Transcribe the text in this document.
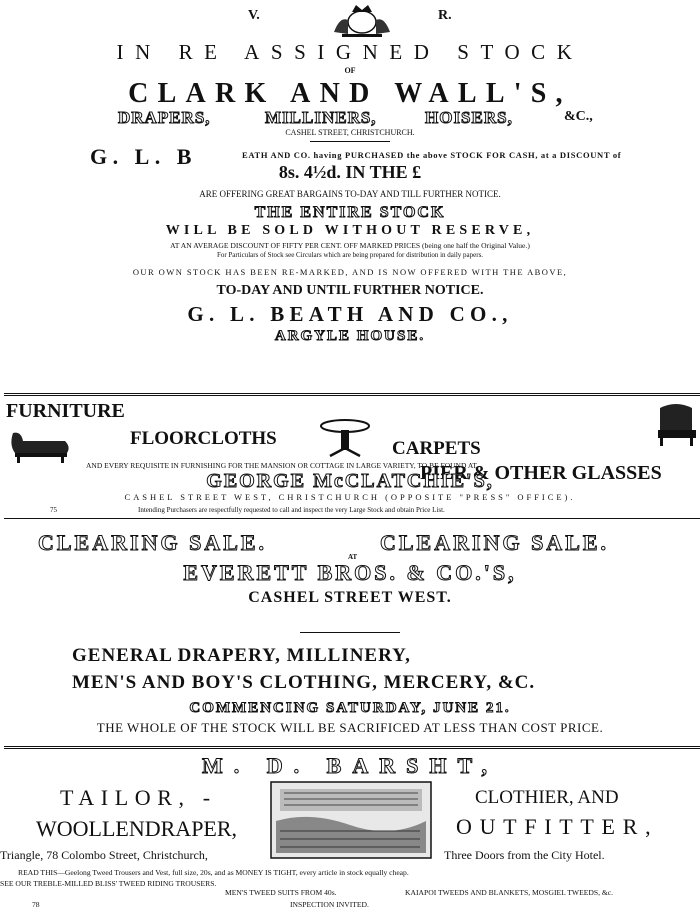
V.	R.
IN RE ASSIGNED STOCK
OF
CLARK AND WALL'S,
DRAPERS,	MILLINERS,	HOISERS,	&C.,
CASHEL STREET, CHRISTCHURCH.
G. L. B	EATH AND CO. having PURCHASED the above STOCK FOR CASH, at a DISCOUNT of
8s. 4½d. IN THE £
ARE OFFERING GREAT BARGAINS TO-DAY AND TILL FURTHER NOTICE.
THE ENTIRE STOCK
WILL BE SOLD WITHOUT RESERVE,
AT AN AVERAGE DISCOUNT OF FIFTY PER CENT. OFF MARKED PRICES (being one half the Original Value.)
For Particulars of Stock see Circulars which are being prepared for distribution in daily papers.
OUR OWN STOCK HAS BEEN RE-MARKED, AND IS NOW OFFERED WITH THE ABOVE,
TO-DAY AND UNTIL FURTHER NOTICE.
G. L. BEATH AND CO.,
ARGYLE HOUSE.
FURNITURE
FLOORCLOTHS	CARPETS
PIER & OTHER GLASSES
AND EVERY REQUISITE IN FURNISHING FOR THE MANSION OR COTTAGE IN LARGE VARIETY, TO BE FOUND AT
GEORGE McCLATCHIE'S,
CASHEL STREET WEST, CHRISTCHURCH (OPPOSITE "PRESS" OFFICE).
75	Intending Purchasers are respectfully requested to call and inspect the very Large Stock and obtain Price List.
CLEARING SALE.
AT
CLEARING SALE.
EVERETT BROS. & CO.'S,
CASHEL STREET WEST.
GENERAL DRAPERY, MILLINERY,
MEN'S AND BOY'S CLOTHING, MERCERY, &C.
COMMENCING SATURDAY, JUNE 21.
THE WHOLE OF THE STOCK WILL BE SACRIFICED AT LESS THAN COST PRICE.
M. D. BARSHT,
TAILOR, -	CLOTHIER, AND
WOOLLENDRAPER,	OUTFITTER,
Triangle, 78 Colombo Street, Christchurch,	Three Doors from the City Hotel.
READ THIS—Geelong Tweed Trousers and Vest, full size, 20s, and as MONEY IS TIGHT, every article in stock equally cheap.
SEE OUR TREBLE-MILLED BLISS' TWEED RIDING TROUSERS.
MEN'S TWEED SUITS FROM 40s.	KAIAPOI TWEEDS AND BLANKETS, MOSGIEL TWEEDS, &c.
78	INSPECTION INVITED.
